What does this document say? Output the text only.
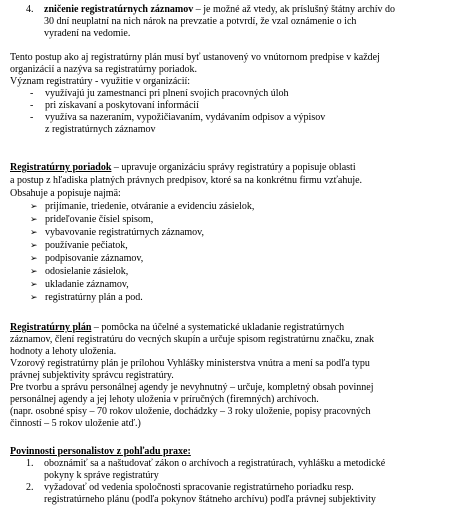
4. zničenie registratúrnych záznamov – je možné až vtedy, ak príslušný štátny archív do
30 dní neuplatní na nich nárok na prevzatie a potvrdí, že vzal oznámenie o ich
vyradení na vedomie.
Tento postup ako aj registratúrny plán musí byť ustanovený vo vnútornom predpise v každej
organizácií a nazýva sa registratúrny poriadok.
Význam registratúry - využitie v organizácií:
- využívajú ju zamestnanci pri plnení svojich pracovných úloh
- pri získavaní a poskytovaní informácií
- využíva sa nazeraním, vypožičiavaním, vydávaním odpisov a výpisov
z registratúrnych záznamov
Registratúrny poriadok – upravuje organizáciu správy registratúry a popisuje oblasti
a postup z hľadiska platných právnych predpisov, ktoré sa na konkrétnu firmu vzťahuje.
Obsahuje a popisuje najmä:
➢ prijímanie, triedenie, otváranie a evidenciu zásielok,
➢ prideľovanie čísiel spisom,
➢ vybavovanie registratúrnych záznamov,
➢ používanie pečiatok,
➢ podpisovanie záznamov,
➢ odosielanie zásielok,
➢ ukladanie záznamov,
➢ registratúrny plán a pod.
Registratúrny plán – pomôcka na účelné a systematické ukladanie registratúrnych
záznamov, člení registratúru do vecných skupín a určuje spisom registratúrnu značku, znak
hodnoty a lehoty uloženia.
Vzorový registratúrny plán je prílohou Vyhlášky ministerstva vnútra a mení sa podľa typu
právnej subjektivity správcu registratúry.
Pre tvorbu a správu personálnej agendy je nevyhnutný – určuje, kompletný obsah povinnej
personálnej agendy a jej lehoty uloženia v príručných (firemných) archívoch.
(napr. osobné spisy – 70 rokov uloženie, dochádzky – 3 roky uloženie, popisy pracovných
činností – 5 rokov uloženie atď.)
Povinnosti personalistov z pohľadu praxe:
1. oboznámiť sa a naštudovať zákon o archívoch a registratúrach, vyhlášku a metodické
pokyny k správe registratúry
2. vyžadovať od vedenia spoločnosti spracovanie registratúrneho poriadku resp.
registratúrneho plánu (podľa pokynov štátneho archívu) podľa právnej subjektivity
